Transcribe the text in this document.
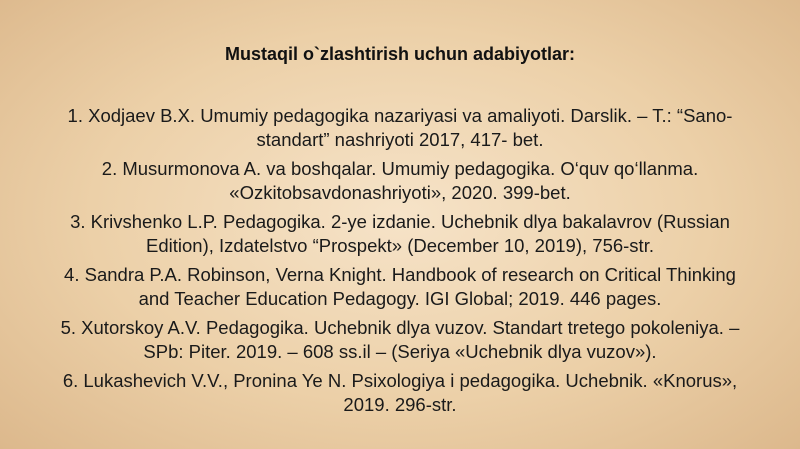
Mustaqil o`zlashtirish uchun adabiyotlar:
1. Xodjaev B.X. Umumiy pedagogika nazariyasi va amaliyoti. Darslik. – T.: “Sano-
standart” nashriyoti 2017, 417- bet.
2. Musurmonova A. va boshqalar. Umumiy pedagogika. O‘quv qo‘llanma.
«Ozkitobsavdonashriyoti», 2020. 399-bet.
3. Krivshenko L.P. Pedagogika. 2-ye izdanie. Uchebnik dlya bakalavrov (Russian
Edition), Izdatelstvo “Prospekt» (December 10, 2019), 756-str.
4. Sandra P.A. Robinson, Verna Knight. Handbook of research on Critical Thinking
and Teacher Education Pedagogy. IGI Global; 2019. 446 pages.
5. Xutorskoy A.V. Pedagogika. Uchebnik dlya vuzov. Standart tretego pokoleniya. –
SPb: Piter. 2019. – 608 ss.il – (Seriya «Uchebnik dlya vuzov»).
6. Lukashevich V.V., Pronina Ye N. Psixologiya i pedagogika. Uchebnik. «Knorus»,
2019. 296-str.
